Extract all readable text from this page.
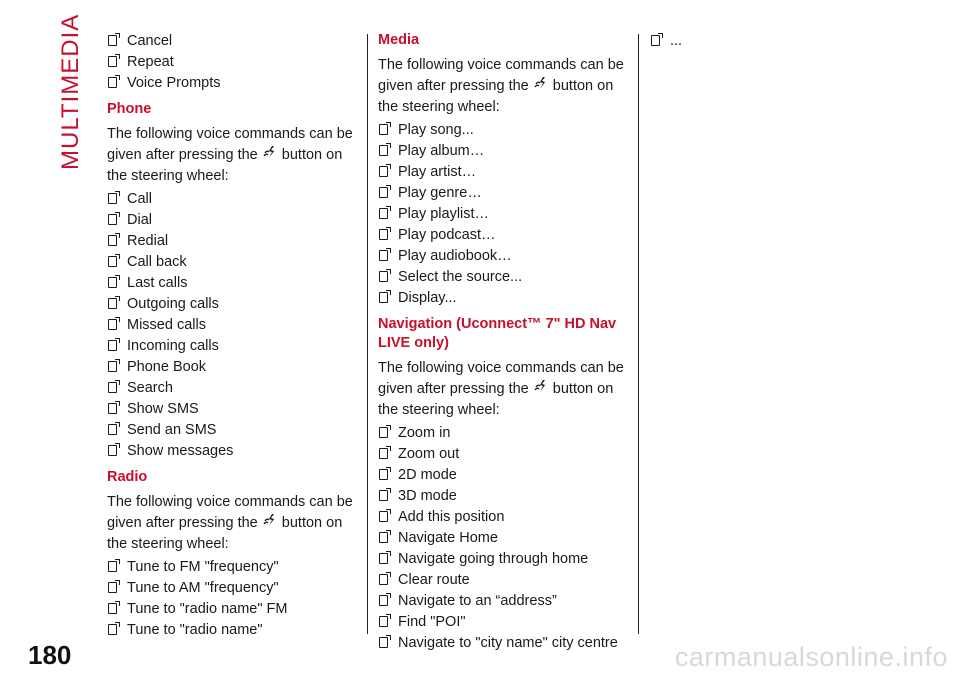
MULTIMEDIA	Cancel
Repeat
Voice Prompts
Phone
The following voice commands can be given after pressing the button on the steering wheel:
Call
Dial
Redial
Call back
Last calls
Outgoing calls
Missed calls
Incoming calls
Phone Book
Search
Show SMS
Send an SMS
Show messages
Radio
The following voice commands can be given after pressing the button on the steering wheel:
Tune to FM "frequency"
Tune to AM "frequency"
Tune to "radio name" FM
Tune to "radio name"
Media
The following voice commands can be given after pressing the button on the steering wheel:
Play song...
Play album…
Play artist…
Play genre…
Play playlist…
Play podcast…
Play audiobook…
Select the source...
Display...
Navigation (Uconnect™ 7" HD Nav
LIVE only)
The following voice commands can be given after pressing the button on the steering wheel:
Zoom in
Zoom out
2D mode
3D mode
Add this position
Navigate Home
Navigate going through home
Clear route
Navigate to an “address”
Find "POI"
Navigate to "city name" city centre
...
180	carmanualsonline.info
